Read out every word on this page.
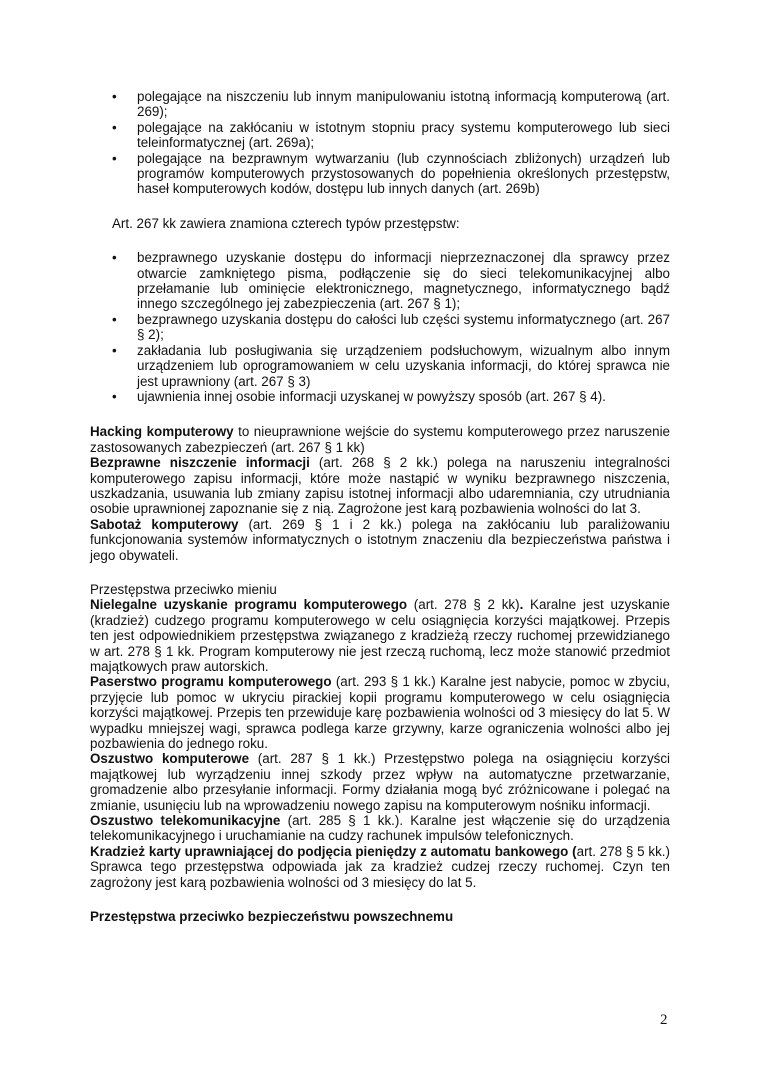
• polegające na niszczeniu lub innym manipulowaniu istotną informacją komputerową (art. 269);
• polegające na zakłócaniu w istotnym stopniu pracy systemu komputerowego lub sieci teleinformatycznej (art. 269a);
• polegające na bezprawnym wytwarzaniu (lub czynnościach zbliżonych) urządzeń lub programów komputerowych przystosowanych do popełnienia określonych przestępstw, haseł komputerowych kodów, dostępu lub innych danych (art. 269b)

Art. 267 kk zawiera znamiona czterech typów przestępstw:

• bezprawnego uzyskanie dostępu do informacji nieprzeznaczonej dla sprawcy przez otwarcie zamkniętego pisma, podłączenie się do sieci telekomunikacyjnej albo przełamanie lub ominięcie elektronicznego, magnetycznego, informatycznego bądź innego szczególnego jej zabezpieczenia (art. 267 § 1);
• bezprawnego uzyskania dostępu do całości lub części systemu informatycznego (art. 267 § 2);
• zakładania lub posługiwania się urządzeniem podsłuchowym, wizualnym albo innym urządzeniem lub oprogramowaniem w celu uzyskania informacji, do której sprawca nie jest uprawniony (art. 267 § 3)
• ujawnienia innej osobie informacji uzyskanej w powyższy sposób (art. 267 § 4).

Hacking komputerowy to nieuprawnione wejście do systemu komputerowego przez naruszenie zastosowanych zabezpieczeń (art. 267 § 1 kk)

Bezprawne niszczenie informacji (art. 268 § 2 kk.) polega na naruszeniu integralności komputerowego zapisu informacji, które może nastąpić w wyniku bezprawnego niszczenia, uszkadzania, usuwania lub zmiany zapisu istotnej informacji albo udaremniania, czy utrudniania osobie uprawnionej zapoznanie się z nią. Zagrożone jest karą pozbawienia wolności do lat 3.

Sabotaż komputerowy (art. 269 § 1 i 2 kk.) polega na zakłócaniu lub paraliżowaniu funkcjonowania systemów informatycznych o istotnym znaczeniu dla bezpieczeństwa państwa i jego obywateli.

Przestępstwa przeciwko mieniu

Nielegalne uzyskanie programu komputerowego (art. 278 § 2 kk). Karalne jest uzyskanie (kradzież) cudzego programu komputerowego w celu osiągnięcia korzyści majątkowej. Przepis ten jest odpowiednikiem przestępstwa związanego z kradzieżą rzeczy ruchomej przewidzianego w art. 278 § 1 kk. Program komputerowy nie jest rzeczą ruchomą, lecz może stanowić przedmiot majątkowych praw autorskich.

Paserstwo programu komputerowego (art. 293 § 1 kk.) Karalne jest nabycie, pomoc w zbyciu, przyjęcie lub pomoc w ukryciu pirackiej kopii programu komputerowego w celu osiągnięcia korzyści majątkowej. Przepis ten przewiduje karę pozbawienia wolności od 3 miesięcy do lat 5. W wypadku mniejszej wagi, sprawca podlega karze grzywny, karze ograniczenia wolności albo jej pozbawienia do jednego roku.

Oszustwo komputerowe (art. 287 § 1 kk.) Przestępstwo polega na osiągnięciu korzyści majątkowej lub wyrządzeniu innej szkody przez wpływ na automatyczne przetwarzanie, gromadzenie albo przesyłanie informacji. Formy działania mogą być zróżnicowane i polegać na zmianie, usunięciu lub na wprowadzeniu nowego zapisu na komputerowym nośniku informacji.

Oszustwo telekomunikacyjne (art. 285 § 1 kk.). Karalne jest włączenie się do urządzenia telekomunikacyjnego i uruchamianie na cudzy rachunek impulsów telefonicznych.

Kradzież karty uprawniającej do podjęcia pieniędzy z automatu bankowego (art. 278 § 5 kk.) Sprawca tego przestępstwa odpowiada jak za kradzież cudzej rzeczy ruchomej. Czyn ten zagrożony jest karą pozbawienia wolności od 3 miesięcy do lat 5.

Przestępstwa przeciwko bezpieczeństwu powszechnemu

2
